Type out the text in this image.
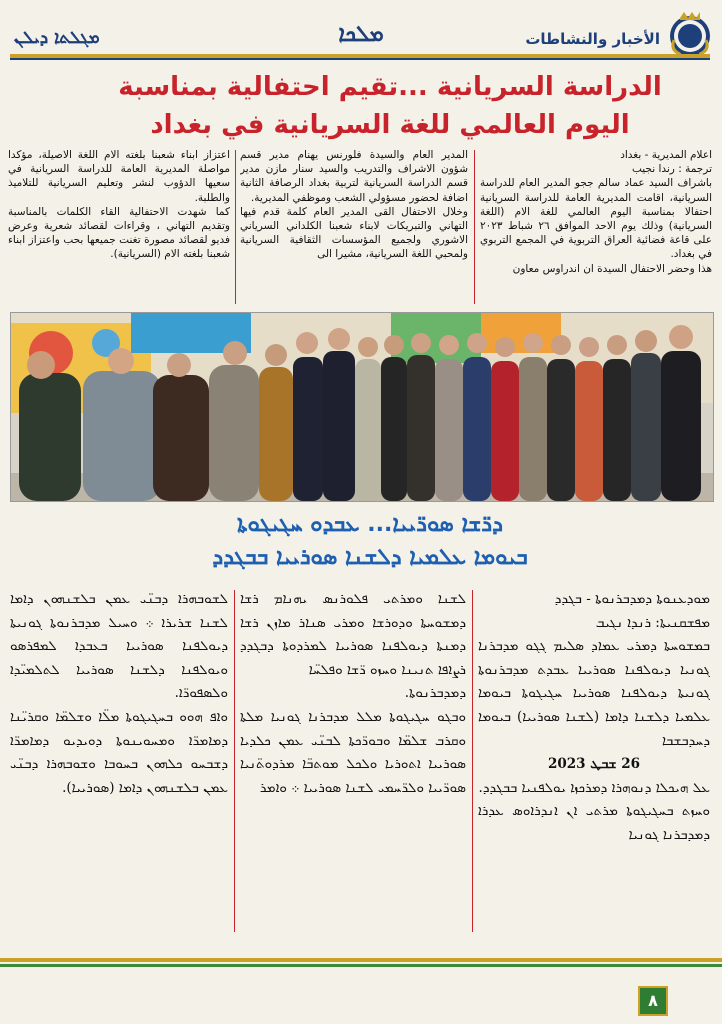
ܡܓܠܬܐ ܕܝܠܢ	ܡܠܟܐ	الأخبار والنشاطات
الدراسة السريانية ...تقيم احتفالية بمناسبة
اليوم العالمي للغة السريانية في بغداد

اعلام المديرية - بغداد

ترجمة : رندا نجيب

باشراف السيد عماد سالم ججو المدير العام للدراسة السريانية، اقامت المديرية العامة للدراسة السريانية احتفالا بمناسبة اليوم العالمي للغة الام (اللغة السريانية) وذلك يوم الاحد الموافق ٢٦ شباط ٢٠٢٣ على قاعة فضائية العراق التربوية في المجمع التربوي في بغداد.

هذا وحضر الاحتفال السيدة ان اندراوس معاون

المدير العام والسيدة فلورنس يهنام مدير قسم شؤون الاشراف والتدريب والسيد سنار مازن مدير قسم الدراسة السريانية لتربية بغداد الرصافة الثانية اضافة لحضور مسؤولي الشعب وموظفي المديرية.

وخلال الاحتفال القى المدير العام كلمة قدم فيها التهاني والتبريكات لابناء شعبنا الكلداني السرياني الاشوري ولجميع المؤسسات الثقافية السريانية ولمحبي اللغة السريانية، مشيرا الى

اعتزاز ابناء شعبنا بلغته الام اللغة الاصيلة، مؤكدا مواصلة المديرية العامة للدراسة السريانية في سعيها الدؤوب لنشر وتعليم السريانية للتلاميذ والطلبة.

كما شهدت الاحتفالية القاء الكلمات بالمناسبة وتقديم التهاني ، وقراءات لقصائد شعرية وعرض فديو لقصائد مصورة تغنت جميعها بحب واعتزاز ابناء شعبنا بلغته الام (السريانية).

ܕܪ̈ܫܐ ܣܘܪ̈ܝܝܐ... ܥܒܕܘ ܚܓܝܓܘܬܐ
ܒܝܘܡܐ ܥܠܡܝܐ ܕܠܫܢܐ ܣܘܪܝܝܐ ܒܒܓܕܕ

ܡܘܕܥܢܘܬܐ ܕܡܕܒܪܢܘܬܐ - ܒܓܕܕ

ܡܦܫܩܢܝܬܐ: ܪܢܕܐ ܢܓܝܒ

ܒܡܫܘܚܬܐ ܕܡܪܝ ܥܡܐܕ ܣܠܝܡ ܓܓܘ ܡܕܒܪܢܐ ܓܘܢܝܐ ܕܝܘܠܦܢܐ ܣܘܪܝܝܐ ܥܒܕܬ ܡܕܒܪܢܘܬܐ ܓܘܢܝܬܐ ܕܝܘܠܦܢܐ ܣܘܪܝܝܐ ܚܓܝܓܘܬܐ ܒܝܘܡܐ ܥܠܡܝܐ ܕܠܫܢܐ ܕܐܡܐ (ܠܫܢܐ ܣܘܪܝܝܐ) ܒܝܘܡܐ ܕܚܕܒܫܒܐ

26 ܫܒܛ 2023

ܥܠ ܗܝܟܠܐ ܕܢܘܗܪܐ ܕܡܪܟܙܐ ܝܘܠܦܢܝܐ ܒܒܓܕܕ.

ܘܚܙܬ ܒܚܓܝܓܘܬܐ ܡܪܬܝ ܐܢ ܐܢܕܪܐܘܣ ܥܕܪܐ ܕܡܕܒܪܢܐ ܓܘܢܝܐ

ܠܫܢܐ ܘܡܪܬܝ ܦܠܘܪܢܣ ܝܗܢܐܡ ܪܫܐ ܕܡܫܘܚܬܐ ܘܕܘܪܫܐ ܘܡܪܝ ܣܢܐܪ ܡܐܙܢ ܪܫܐ ܕܡܢܬܐ ܕܝܘܠܦܢܐ ܣܘܪܝܝܐ ܠܡܪܕܘܬܐ ܕܒܓܕܕ ܪܨܐܦܐ ܬܢܝܢܐ ܘܚܙܘ ܪ̈ܫܐ ܘܦܠܚ̈ܐ

ܕܡܕܒܪܢܘܬܐ.

ܘܒܓܘ ܚܓܝܓܘܬܐ ܡܠܠ ܡܕܒܪܢܐ ܓܘܢܝܐ ܡܠܬܐ ܘܩܪܒ ܫܠܡ̈ܐ ܘܒܘܪ̈ܟܬܐ ܠܒܢ̈ܝ ܥܡܢ ܟܠܕܝܐ ܣܘܪܝܝܐ ܐܬܘܪܝܐ ܘܠܟܠ ܡܘܬܒ̈ܐ ܡܪܕܘܬ̈ܢܝܐ ܣܘܪ̈ܝܝܐ ܘܠܪ̈ܚܡܝ ܠܫܢܐ ܣܘܪܝܝܐ ܀ ܘܐܡܪ

ܠܫܘܒܗܪܐ ܕܒܢ̈ܝ ܥܡܢ ܒܠܫܢܗܘܢ ܕܐܡܐ ܠܫܢܐ ܫܪܝܪܐ ܀ ܘܚܝܠ ܡܕܒܪܢܘܬܐ ܓܘܢܝܬܐ ܕܝܘܠܦܢܐ ܣܘܪܝܝܐ ܒܥܒܕܐ ܠܡܦܪܣܘ ܘܝܘܠܦܢܐ ܕܠܫܢܐ ܣܘܪܝܝܐ ܠܬܠܡܝ̈ܕܐ ܘܠܣܦܘܪ̈ܐ.

ܘܐܦ ܗܘܘ ܒܚܓܝܓܘܬܐ ܡܠ̈ܐ ܘܫܠܡ̈ܐ ܘܩܪܝ̈ܢܐ ܕܡܐܡܪ̈ܐ ܘܡܚܘܝܢܘܬܐ ܕܘܝܕܝܘ ܕܡܐܡܪ̈ܐ ܕܫܒܚܘ ܟܠܗܘܢ ܒܚܘܒܐ ܘܫܘܒܗܪܐ ܕܒܢ̈ܝ ܥܡܢ ܒܠܫܢܗܘܢ ܕܐܡܐ (ܣܘܪܝܝܐ).

٨
